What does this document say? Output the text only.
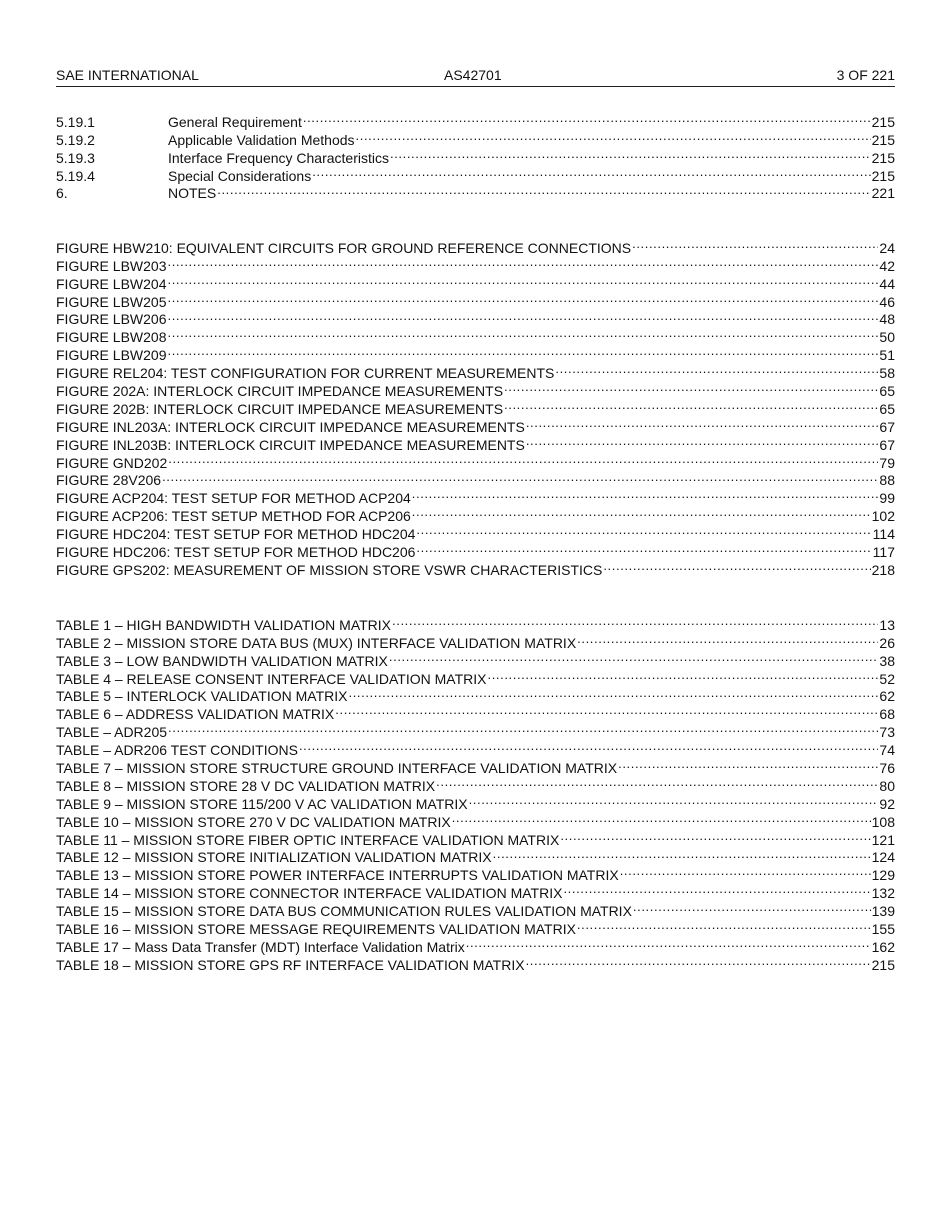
SAE INTERNATIONAL	AS42701	3 OF 221
5.19.1	General Requirement .....	215
5.19.2	Applicable Validation Methods .....	215
5.19.3	Interface Frequency Characteristics .....	215
5.19.4	Special Considerations .....	215
6.	NOTES .....	221
FIGURE HBW210: EQUIVALENT CIRCUITS FOR GROUND REFERENCE CONNECTIONS .....	24
FIGURE LBW203 .....	42
FIGURE LBW204 .....	44
FIGURE LBW205 .....	46
FIGURE LBW206 .....	48
FIGURE LBW208 .....	50
FIGURE LBW209 .....	51
FIGURE REL204: TEST CONFIGURATION FOR CURRENT MEASUREMENTS .....	58
FIGURE 202A: INTERLOCK CIRCUIT IMPEDANCE MEASUREMENTS .....	65
FIGURE 202B: INTERLOCK CIRCUIT IMPEDANCE MEASUREMENTS .....	65
FIGURE INL203A: INTERLOCK CIRCUIT IMPEDANCE MEASUREMENTS .....	67
FIGURE INL203B: INTERLOCK CIRCUIT IMPEDANCE MEASUREMENTS .....	67
FIGURE GND202 .....	79
FIGURE 28V206 .....	88
FIGURE ACP204: TEST SETUP FOR METHOD ACP204 .....	99
FIGURE ACP206: TEST SETUP METHOD FOR ACP206 .....	102
FIGURE HDC204: TEST SETUP FOR METHOD HDC204 .....	114
FIGURE HDC206: TEST SETUP FOR METHOD HDC206 .....	117
FIGURE GPS202: MEASUREMENT OF MISSION STORE VSWR CHARACTERISTICS .....	218
TABLE 1 – HIGH BANDWIDTH VALIDATION MATRIX .....	13
TABLE 2 – MISSION STORE DATA BUS (MUX) INTERFACE VALIDATION MATRIX .....	26
TABLE 3 – LOW BANDWIDTH VALIDATION MATRIX .....	38
TABLE 4 – RELEASE CONSENT INTERFACE VALIDATION MATRIX .....	52
TABLE 5 – INTERLOCK VALIDATION MATRIX .....	62
TABLE 6 – ADDRESS VALIDATION MATRIX .....	68
TABLE – ADR205 .....	73
TABLE – ADR206 TEST CONDITIONS .....	74
TABLE 7 – MISSION STORE STRUCTURE GROUND INTERFACE VALIDATION MATRIX .....	76
TABLE 8 – MISSION STORE 28 V DC VALIDATION MATRIX .....	80
TABLE 9 – MISSION STORE 115/200 V AC VALIDATION MATRIX .....	92
TABLE 10 – MISSION STORE 270 V DC VALIDATION MATRIX .....	108
TABLE 11 – MISSION STORE FIBER OPTIC INTERFACE VALIDATION MATRIX .....	121
TABLE 12 – MISSION STORE INITIALIZATION VALIDATION MATRIX .....	124
TABLE 13 – MISSION STORE POWER INTERFACE INTERRUPTS VALIDATION MATRIX .....	129
TABLE 14 – MISSION STORE CONNECTOR INTERFACE VALIDATION MATRIX .....	132
TABLE 15 – MISSION STORE DATA BUS COMMUNICATION RULES VALIDATION MATRIX .....	139
TABLE 16 – MISSION STORE MESSAGE REQUIREMENTS VALIDATION MATRIX .....	155
TABLE 17 – Mass Data Transfer (MDT) Interface Validation Matrix .....	162
TABLE 18 – MISSION STORE GPS RF INTERFACE VALIDATION MATRIX .....	215
